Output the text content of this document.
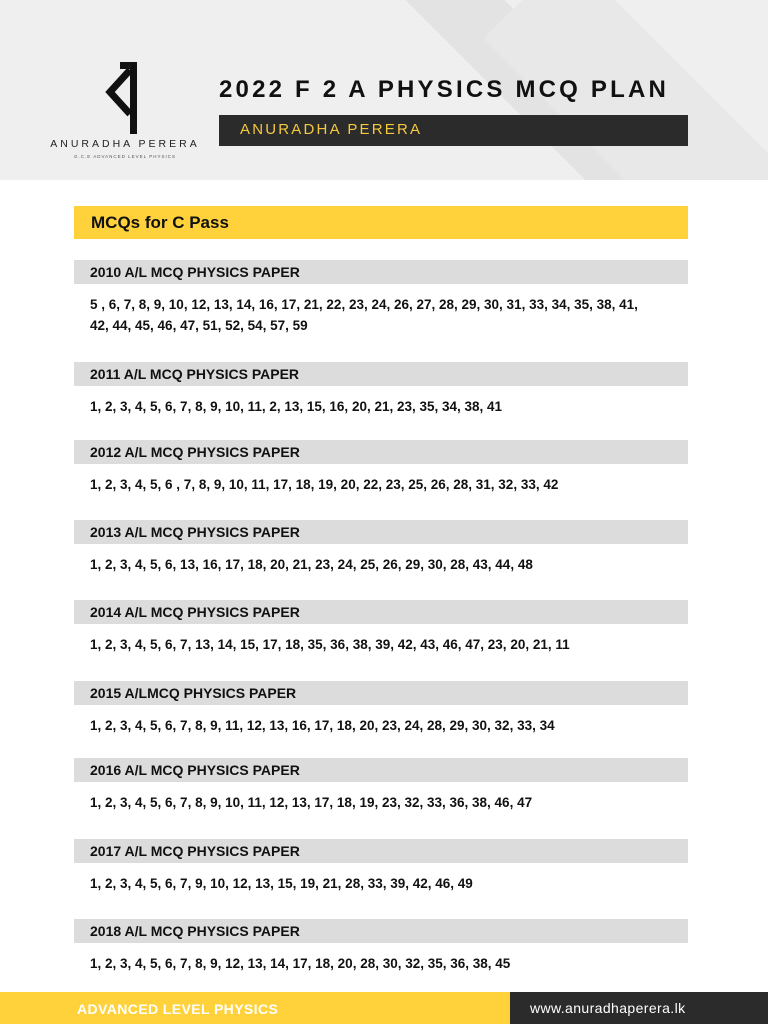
ANURADHA PERERA
G.C.E ADVANCED LEVEL PHYSICS
2022 F 2 A PHYSICS MCQ PLAN
ANURADHA PERERA
MCQs for C Pass
2010 A/L MCQ PHYSICS PAPER

5 , 6, 7, 8, 9, 10, 12, 13, 14, 16, 17, 21, 22, 23, 24, 26, 27, 28, 29, 30, 31, 33, 34, 35, 38, 41, 42, 44, 45, 46, 47, 51, 52, 54, 57, 59

2011 A/L MCQ PHYSICS PAPER

1, 2, 3, 4, 5, 6, 7, 8, 9, 10, 11, 2, 13, 15, 16, 20, 21, 23, 35, 34, 38, 41

2012 A/L MCQ PHYSICS PAPER

1, 2, 3, 4, 5, 6 , 7, 8, 9, 10, 11, 17, 18, 19, 20, 22, 23, 25, 26, 28, 31, 32, 33, 42

2013 A/L MCQ PHYSICS PAPER

1, 2, 3, 4, 5, 6, 13, 16, 17, 18, 20, 21, 23, 24, 25, 26, 29, 30, 28, 43, 44, 48

2014 A/L MCQ PHYSICS PAPER

1, 2, 3, 4, 5, 6, 7, 13, 14, 15, 17, 18, 35, 36, 38, 39, 42, 43, 46, 47, 23, 20, 21, 11

2015 A/LMCQ PHYSICS PAPER

1, 2, 3, 4, 5, 6, 7, 8, 9, 11, 12, 13, 16, 17, 18, 20, 23, 24, 28, 29, 30, 32, 33, 34

2016 A/L MCQ PHYSICS PAPER

1, 2, 3, 4, 5, 6, 7, 8, 9, 10, 11, 12, 13, 17, 18, 19, 23, 32, 33, 36, 38, 46, 47

2017 A/L MCQ PHYSICS PAPER

1, 2, 3, 4, 5, 6, 7, 9, 10, 12, 13, 15, 19, 21, 28, 33, 39, 42, 46, 49

2018 A/L MCQ PHYSICS PAPER

1, 2, 3, 4, 5, 6, 7, 8, 9, 12, 13, 14, 17, 18, 20, 28, 30, 32, 35, 36, 38, 45

ADVANCED LEVEL PHYSICS	www.anuradhaperera.lk
